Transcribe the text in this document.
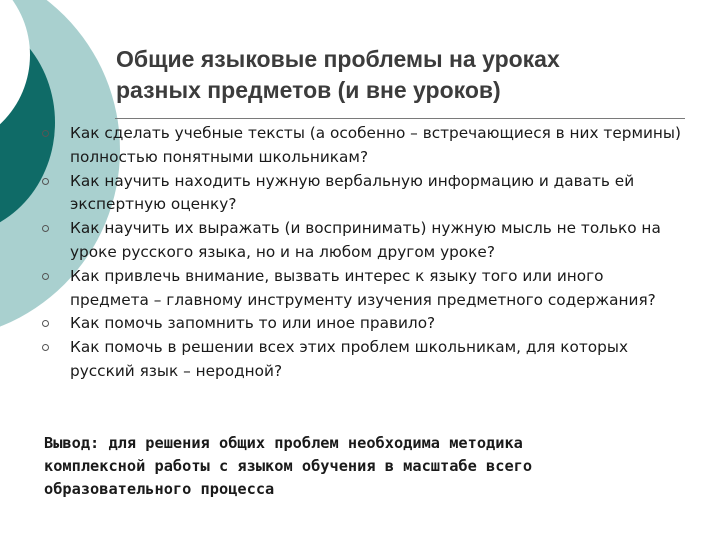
Общие языковые проблемы на уроках
разных предметов (и вне уроков)
Как сделать учебные тексты (а особенно – встречающиеся в них термины) полностью понятными школьникам?
Как научить находить нужную вербальную информацию и давать ей экспертную оценку?
Как научить их выражать (и воспринимать) нужную мысль не только на уроке русского языка, но и на любом другом уроке?
Как привлечь внимание, вызвать интерес к языку того или иного предмета – главному инструменту изучения предметного содержания?
Как помочь запомнить то или иное правило?
Как помочь в решении всех этих проблем школьникам, для которых русский язык – неродной?

Вывод: для решения общих проблем необходима методика
комплексной работы с языком обучения в масштабе всего
образовательного процесса
